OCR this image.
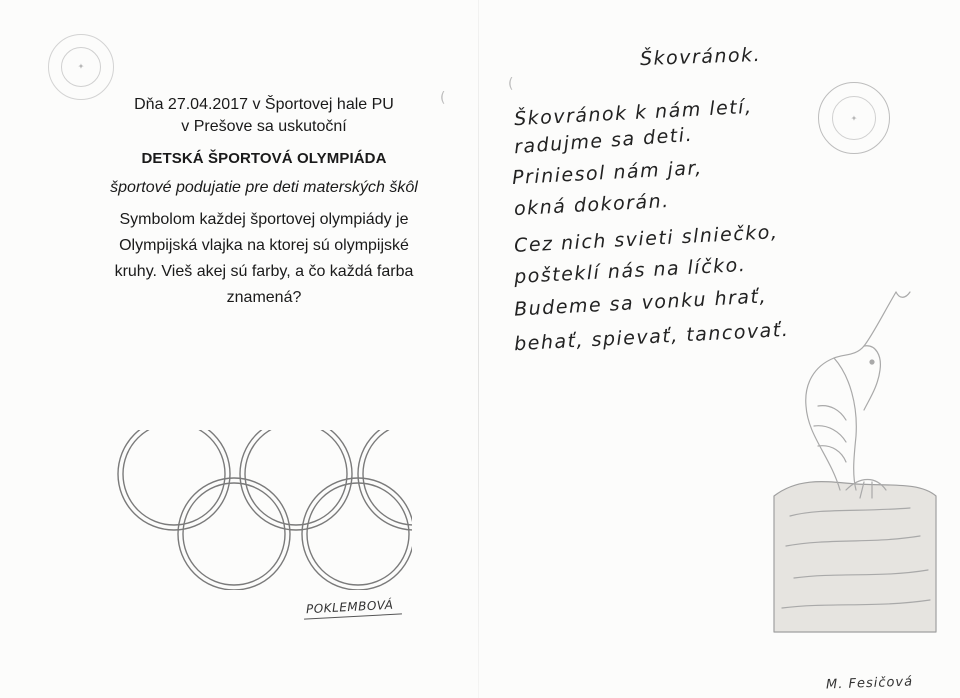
✦
✦

Dňa 27.04.2017 v Športovej hale PU
v Prešove sa uskutoční

DETSKÁ ŠPORTOVÁ OLYMPIÁDA

športové podujatie pre deti materských škôl

Symbolom každej športovej olympiády je
Olympijská vlajka na ktorej sú olympijské
kruhy. Vieš akej sú farby, a čo každá farba
znamená?

POKLEMBOVÁ
Škovránok.
Škovránok k nám letí,
radujme sa deti.
Priniesol nám jar,
okná dokorán.
Cez nich svieti slniečko,
pošteklí nás na líčko.
Budeme sa vonku hrať,
behať, spievať, tancovať.
M. Fesičová
(
(
